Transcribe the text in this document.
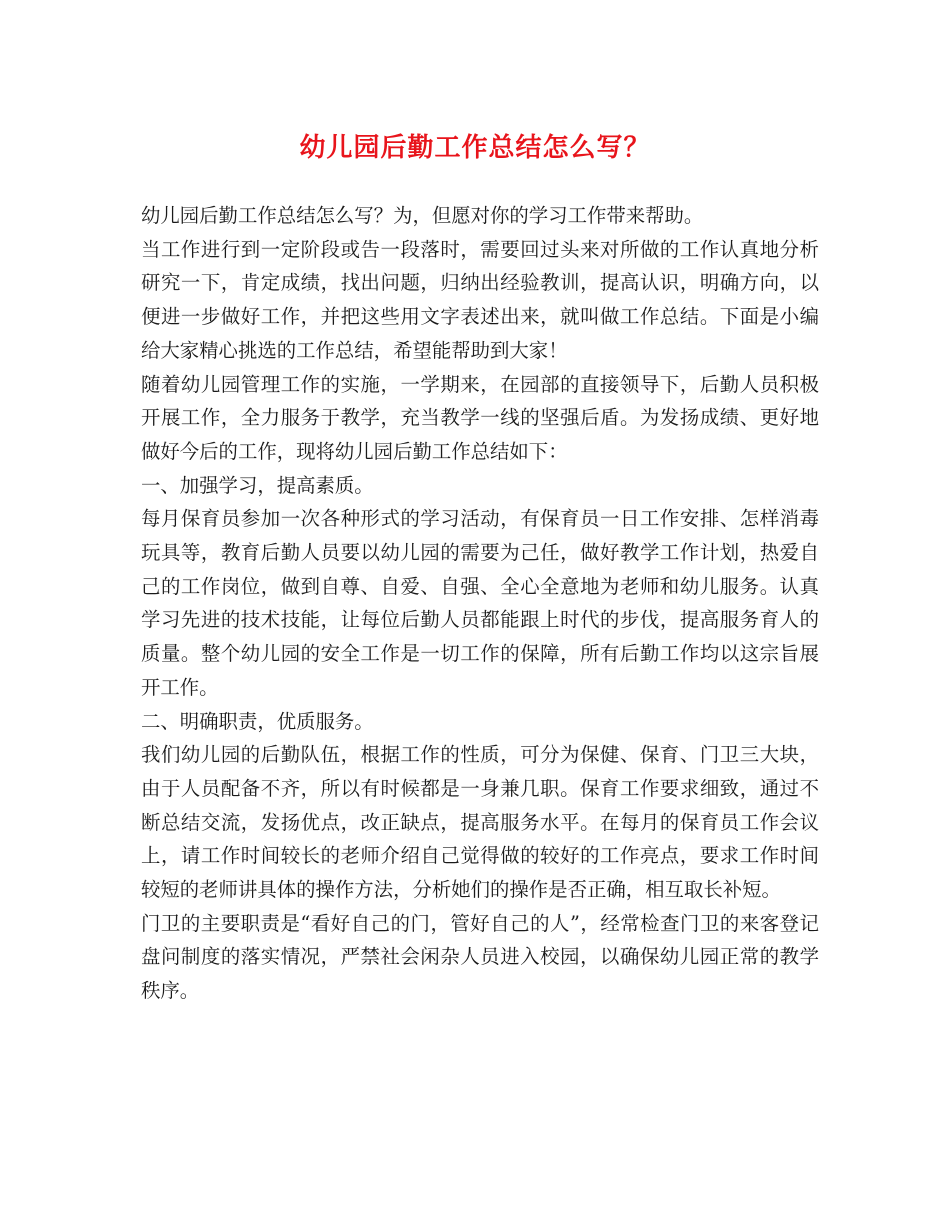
幼儿园后勤工作总结怎么写？

幼儿园后勤工作总结怎么写？为，但愿对你的学习工作带来帮助。

当工作进行到一定阶段或告一段落时，需要回过头来对所做的工作认真地分析研究一下，肯定成绩，找出问题，归纳出经验教训，提高认识，明确方向，以便进一步做好工作，并把这些用文字表述出来，就叫做工作总结。下面是小编给大家精心挑选的工作总结，希望能帮助到大家！

随着幼儿园管理工作的实施，一学期来，在园部的直接领导下，后勤人员积极开展工作，全力服务于教学，充当教学一线的坚强后盾。为发扬成绩、更好地做好今后的工作，现将幼儿园后勤工作总结如下：

一、加强学习，提高素质。

每月保育员参加一次各种形式的学习活动，有保育员一日工作安排、怎样消毒玩具等，教育后勤人员要以幼儿园的需要为己任，做好教学工作计划，热爱自己的工作岗位，做到自尊、自爱、自强、全心全意地为老师和幼儿服务。认真学习先进的技术技能，让每位后勤人员都能跟上时代的步伐，提高服务育人的质量。整个幼儿园的安全工作是一切工作的保障，所有后勤工作均以这宗旨展开工作。

二、明确职责，优质服务。

我们幼儿园的后勤队伍，根据工作的性质，可分为保健、保育、门卫三大块，由于人员配备不齐，所以有时候都是一身兼几职。保育工作要求细致，通过不断总结交流，发扬优点，改正缺点，提高服务水平。在每月的保育员工作会议上，请工作时间较长的老师介绍自己觉得做的较好的工作亮点，要求工作时间较短的老师讲具体的操作方法，分析她们的操作是否正确，相互取长补短。

门卫的主要职责是“看好自己的门，管好自己的人”，经常检查门卫的来客登记盘问制度的落实情况，严禁社会闲杂人员进入校园，以确保幼儿园正常的教学秩序。
